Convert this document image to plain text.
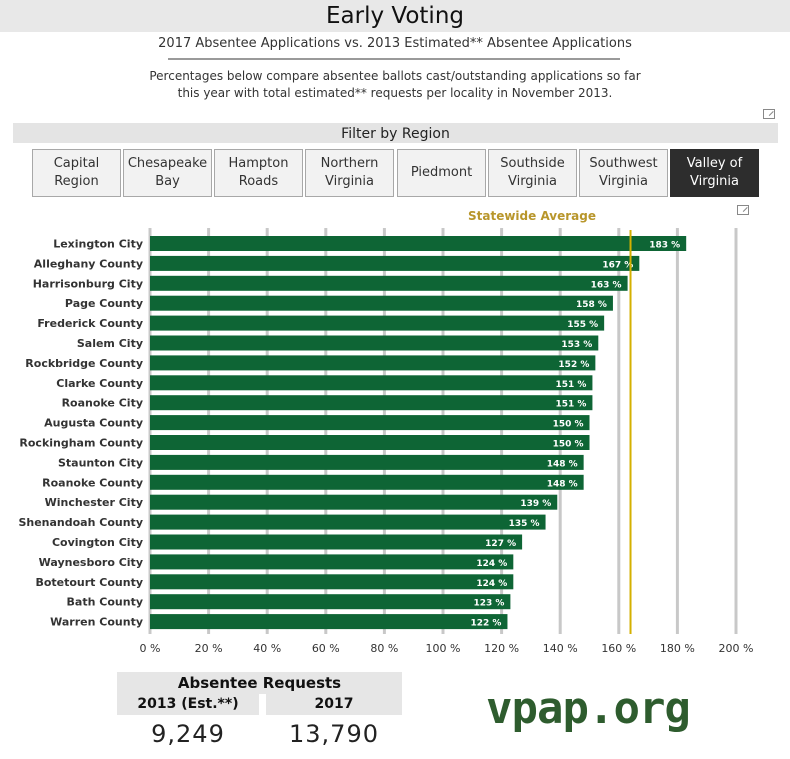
Early Voting
2017 Absentee Applications vs. 2013 Estimated** Absentee Applications
Percentages below compare absentee ballots cast/outstanding applications so far
this year with total estimated** requests per locality in November 2013.
Filter by Region
Capital
Region
Chesapeake
Bay
Hampton
Roads
Northern
Virginia
Piedmont
Southside
Virginia
Southwest
Virginia
Valley of
Virginia
Statewide Average
0 %	20 %	40 %	60 %	80 % 100 % 120 % 140 % 160 % 180 % 200 %
Lexington City	183 %
Alleghany County	167 %
Harrisonburg City	163 %
Page County	158 %
Frederick County	155 %
Salem City	153 %
Rockbridge County	152 %
Clarke County	151 %
Roanoke City	151 %
Augusta County	150 %
Rockingham County	150 %
Staunton City	148 %
Roanoke County	148 %
Winchester City	139 %
Shenandoah County	135 %
Covington City	127 %
Waynesboro City	124 %
Botetourt County	124 %
Bath County	123 %
Warren County	122 %
Absentee Requests
2013 (Est.**)	2017
9,249	13,790	vpap.org
